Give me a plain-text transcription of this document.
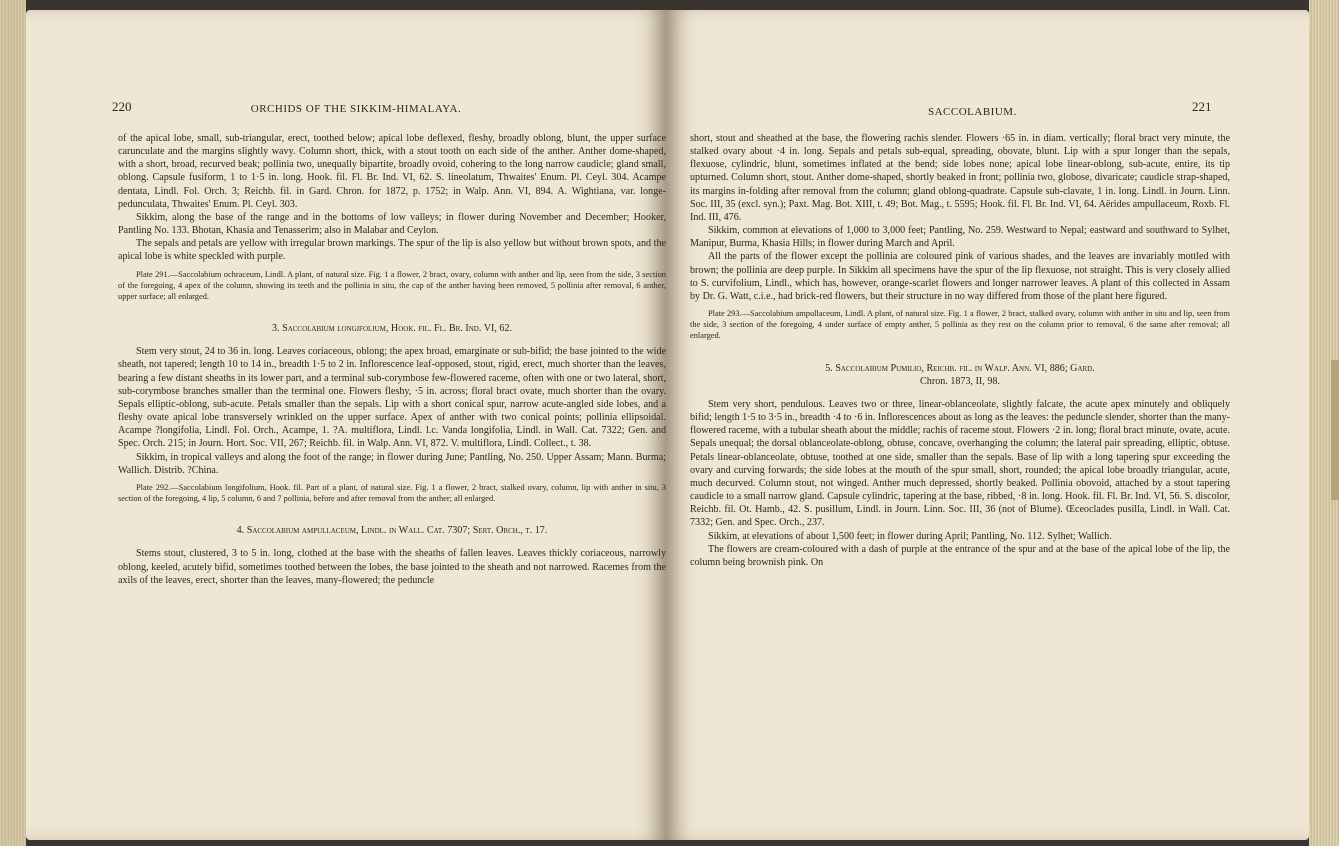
220	ORCHIDS OF THE SIKKIM-HIMALAYA.

of the apical lobe, small, sub-triangular, erect, toothed below; apical lobe deflexed, fleshy, broadly oblong, blunt, the upper surface carunculate and the margins slightly wavy. Column short, thick, with a stout tooth on each side of the anther. Anther dome-shaped, with a short, broad, recurved beak; pollinia two, unequally bipartite, broadly ovoid, cohering to the long narrow caudicle; gland small, oblong. Capsule fusiform, 1 to 1·5 in. long. Hook. fil. Fl. Br. Ind. VI, 62. S. lineolatum, Thwaites' Enum. Pl. Ceyl. 304. Acampe dentata, Lindl. Fol. Orch. 3; Reichb. fil. in Gard. Chron. for 1872, p. 1752; in Walp. Ann. VI, 894. A. Wightiana, var. longe-pedunculata, Thwaites' Enum. Pl. Ceyl. 303.

Sikkim, along the base of the range and in the bottoms of low valleys; in flower during November and December; Hooker, Pantling No. 133. Bhotan, Khasia and Tenasserim; also in Malabar and Ceylon.

The sepals and petals are yellow with irregular brown markings. The spur of the lip is also yellow but without brown spots, and the apical lobe is white speckled with purple.

Plate 291.—Saccolabium ochraceum, Lindl. A plant, of natural size. Fig. 1 a flower, 2 bract, ovary, column with anther and lip, seen from the side, 3 section of the foregoing, 4 apex of the column, showing its teeth and the pollinia in situ, the cap of the anther having been removed, 5 pollinia after removal, 6 anther, upper surface; all enlarged.

3. Saccolabium longifolium, Hook. fil. Fl. Br. Ind. VI, 62.

Stem very stout, 24 to 36 in. long. Leaves coriaceous, oblong; the apex broad, emarginate or sub-bifid; the base jointed to the wide sheath, not tapered; length 10 to 14 in., breadth 1·5 to 2 in. Inflorescence leaf-opposed, stout, rigid, erect, much shorter than the leaves, bearing a few distant sheaths in its lower part, and a terminal sub-corymbose few-flowered raceme, often with one or two lateral, short, sub-corymbose branches smaller than the terminal one. Flowers fleshy, ·5 in. across; floral bract ovate, much shorter than the ovary. Sepals elliptic-oblong, sub-acute. Petals smaller than the sepals. Lip with a short conical spur, narrow acute-angled side lobes, and a fleshy ovate apical lobe transversely wrinkled on the upper surface. Apex of anther with two conical points; pollinia ellipsoidal. Acampe ?longifolia, Lindl. Fol. Orch., Acampe, 1. ?A. multiflora, Lindl. l.c. Vanda longifolia, Lindl. in Wall. Cat. 7322; Gen. and Spec. Orch. 215; in Journ. Hort. Soc. VII, 267; Reichb. fil. in Walp. Ann. VI, 872. V. multiflora, Lindl. Collect., t. 38.

Sikkim, in tropical valleys and along the foot of the range; in flower during June; Pantling, No. 250. Upper Assam; Mann. Burma; Wallich. Distrib. ?China.

Plate 292.—Saccolabium longifolium, Hook. fil. Part of a plant, of natural size. Fig. 1 a flower, 2 bract, stalked ovary, column, lip with anther in situ, 3 section of the foregoing, 4 lip, 5 column, 6 and 7 pollinia, before and after removal from the anther; all enlarged.

4. Saccolabium ampullaceum, Lindl. in Wall. Cat. 7307; Sert. Orch., t. 17.

Stems stout, clustered, 3 to 5 in. long, clothed at the base with the sheaths of fallen leaves. Leaves thickly coriaceous, narrowly oblong, keeled, acutely bifid, sometimes toothed between the lobes, the base jointed to the sheath and not narrowed. Racemes from the axils of the leaves, erect, shorter than the leaves, many-flowered; the peduncle

SACCOLABIUM.	221

short, stout and sheathed at the base, the flowering rachis slender. Flowers ·65 in. in diam. vertically; floral bract very minute, the stalked ovary about ·4 in. long. Sepals and petals sub-equal, spreading, obovate, blunt. Lip with a spur longer than the sepals, flexuose, cylindric, blunt, sometimes inflated at the bend; side lobes none; apical lobe linear-oblong, sub-acute, entire, its tip upturned. Column short, stout. Anther dome-shaped, shortly beaked in front; pollinia two, globose, divaricate; caudicle strap-shaped, its margins in-folding after removal from the column; gland oblong-quadrate. Capsule sub-clavate, 1 in. long. Lindl. in Journ. Linn. Soc. III, 35 (excl. syn.); Paxt. Mag. Bot. XIII, t. 49; Bot. Mag., t. 5595; Hook. fil. Fl. Br. Ind. VI, 64. Aërides ampullaceum, Roxb. Fl. Ind. III, 476.

Sikkim, common at elevations of 1,000 to 3,000 feet; Pantling, No. 259. Westward to Nepal; eastward and southward to Sylhet, Manipur, Burma, Khasia Hills; in flower during March and April.

All the parts of the flower except the pollinia are coloured pink of various shades, and the leaves are invariably mottled with brown; the pollinia are deep purple. In Sikkim all specimens have the spur of the lip flexuose, not straight. This is very closely allied to S. curvifolium, Lindl., which has, however, orange-scarlet flowers and longer narrower leaves. A plant of this collected in Assam by Dr. G. Watt, c.i.e., had brick-red flowers, but their structure in no way differed from those of the plant here figured.

Plate 293.—Saccolabium ampullaceum, Lindl. A plant, of natural size. Fig. 1 a flower, 2 bract, stalked ovary, column with anther in situ and lip, seen from the side, 3 section of the foregoing, 4 under surface of empty anther, 5 pollinia as they rest on the column prior to removal, 6 the same after removal; all enlarged.

5. Saccolabium Pumilio, Reichb. fil. in Walp. Ann. VI, 886; Gard.

Chron. 1873, II, 98.

Stem very short, pendulous. Leaves two or three, linear-oblanceolate, slightly falcate, the acute apex minutely and obliquely bifid; length 1·5 to 3·5 in., breadth ·4 to ·6 in. Inflorescences about as long as the leaves: the peduncle slender, shorter than the many-flowered raceme, with a tubular sheath about the middle; rachis of raceme stout. Flowers ·2 in. long; floral bract minute, ovate, acute. Sepals unequal; the dorsal oblanceolate-oblong, obtuse, concave, overhanging the column; the lateral pair spreading, elliptic, obtuse. Petals linear-oblanceolate, obtuse, toothed at one side, smaller than the sepals. Base of lip with a long tapering spur exceeding the ovary and curving forwards; the side lobes at the mouth of the spur small, short, rounded; the apical lobe broadly triangular, acute, much decurved. Column stout, not winged. Anther much depressed, shortly beaked. Pollinia obovoid, attached by a stout tapering caudicle to a small narrow gland. Capsule cylindric, tapering at the base, ribbed, ·8 in. long. Hook. fil. Fl. Br. Ind. VI, 56. S. discolor, Reichb. fil. Ot. Hamb., 42. S. pusillum, Lindl. in Journ. Linn. Soc. III, 36 (not of Blume). Œceoclades pusilla, Lindl. in Wall. Cat. 7332; Gen. and Spec. Orch., 237.

Sikkim, at elevations of about 1,500 feet; in flower during April; Pantling, No. 112. Sylhet; Wallich.

The flowers are cream-coloured with a dash of purple at the entrance of the spur and at the base of the apical lobe of the lip, the column being brownish pink. On
